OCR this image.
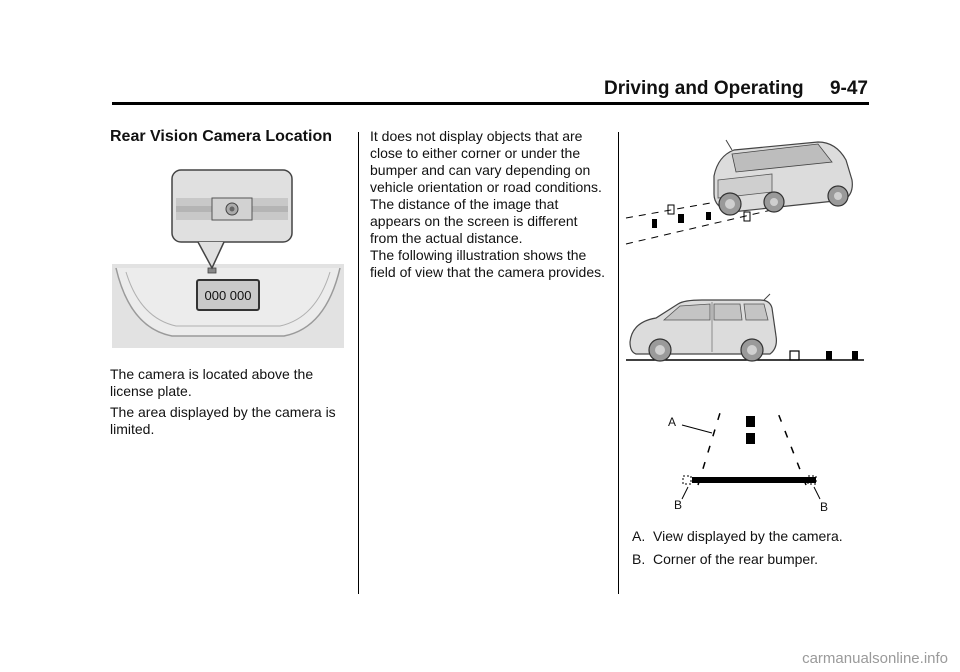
Driving and Operating 9-47
Rear Vision Camera Location
000 000

The camera is located above the license plate.

The area displayed by the camera is limited.

It does not display objects that are close to either corner or under the bumper and can vary depending on vehicle orientation or road conditions. The distance of the image that appears on the screen is different from the actual distance.

The following illustration shows the field of view that the camera provides.

A
B	B

A.  View displayed by the camera.

B.  Corner of the rear bumper.

carmanualsonline.info
